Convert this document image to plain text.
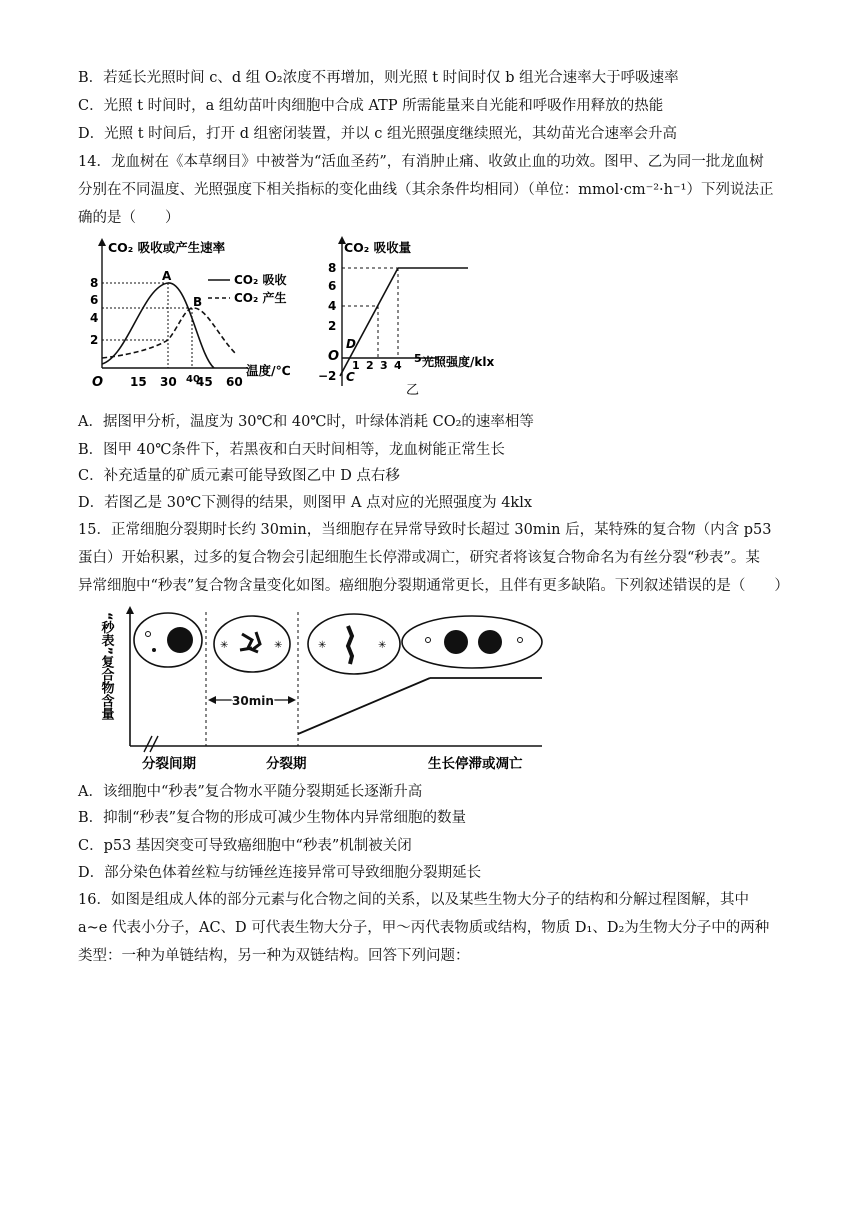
B．若延长光照时间 c、d 组 O₂浓度不再增加，则光照 t 时间时仅 b 组光合速率大于呼吸速率
C．光照 t 时间时，a 组幼苗叶肉细胞中合成 ATP 所需能量来自光能和呼吸作用释放的热能
D．光照 t 时间后，打开 d 组密闭装置，并以 c 组光照强度继续照光，其幼苗光合速率会升高
14．龙血树在《本草纲目》中被誉为“活血圣药”，有消肿止痛、收敛止血的功效。图甲、乙为同一批龙血树
分别在不同温度、光照强度下相关指标的变化曲线（其余条件均相同）（单位：mmol·cm⁻²·h⁻¹）下列说法正
确的是（　　）
CO₂ 吸收或产生速率
O
温度/℃
8
6
4
2
15 30 40
45 60
A
B
CO₂ 吸收
CO₂ 产生
CO₂ 吸收量
O	光照强度/klx
乙
8
6
4
2
−2
1 2 3 4
5
D
C
A．据图甲分析，温度为 30℃和 40℃时，叶绿体消耗 CO₂的速率相等
B．图甲 40℃条件下，若黑夜和白天时间相等，龙血树能正常生长
C．补充适量的矿质元素可能导致图乙中 D 点右移
D．若图乙是 30℃下测得的结果，则图甲 A 点对应的光照强度为 4klx
15．正常细胞分裂期时长约 30min，当细胞存在异常导致时长超过 30min 后，某特殊的复合物（内含 p53
蛋白）开始积累，过多的复合物会引起细胞生长停滞或凋亡，研究者将该复合物命名为有丝分裂“秒表”。某
异常细胞中“秒表”复合物含量变化如图。癌细胞分裂期通常更长，且伴有更多缺陷。下列叙述错误的是（　　）
“秒表”复合物含量	30min
✳	✳	✳	✳
分裂间期	分裂期	生长停滞或凋亡
A．该细胞中“秒表”复合物水平随分裂期延长逐渐升高
B．抑制“秒表”复合物的形成可减少生物体内异常细胞的数量
C．p53 基因突变可导致癌细胞中“秒表”机制被关闭
D．部分染色体着丝粒与纺锤丝连接异常可导致细胞分裂期延长
16．如图是组成人体的部分元素与化合物之间的关系，以及某些生物大分子的结构和分解过程图解，其中
a~e 代表小分子，AC、D 可代表生物大分子，甲～丙代表物质或结构，物质 D₁、D₂为生物大分子中的两种
类型：一种为单链结构，另一种为双链结构。回答下列问题：
